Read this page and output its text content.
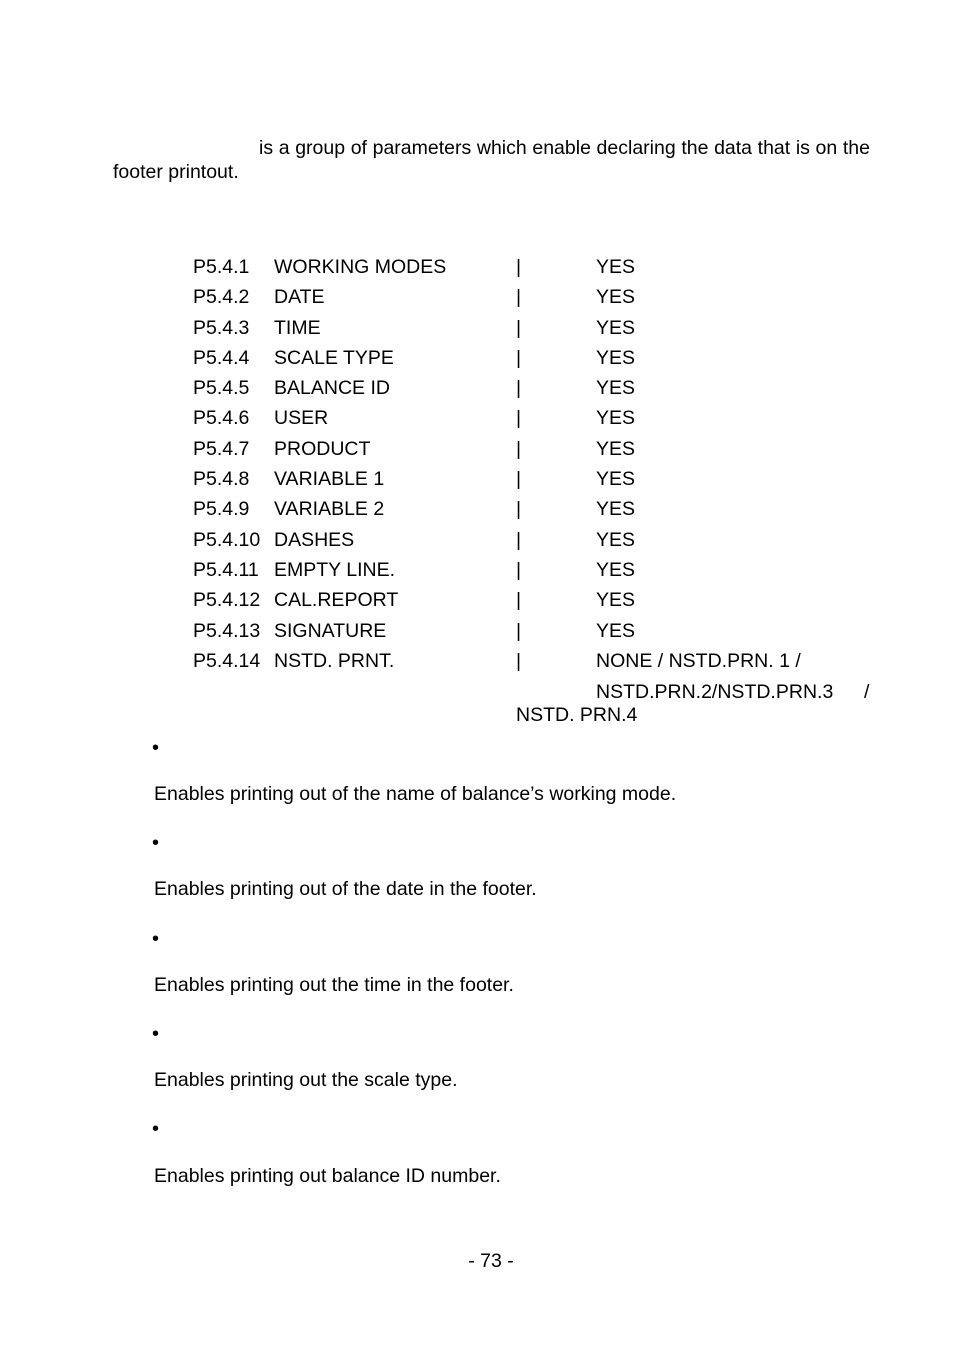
is a group of parameters which enable declaring the data that is on the footer printout.

P5.4.1 WORKING MODES	|	YES
P5.4.2 DATE	|	YES
P5.4.3 TIME	|	YES
P5.4.4 SCALE TYPE	|	YES
P5.4.5 BALANCE ID	|	YES
P5.4.6 USER	|	YES
P5.4.7 PRODUCT	|	YES
P5.4.8 VARIABLE 1	|	YES
P5.4.9 VARIABLE 2	|	YES
P5.4.10 DASHES	|	YES
P5.4.11 EMPTY LINE.	|	YES
P5.4.12 CAL.REPORT	|	YES
P5.4.13 SIGNATURE	|	YES
P5.4.14 NSTD. PRNT.	|	NONE / NSTD.PRN. 1 /
NSTD.PRN.2/NSTD.PRN.3 /
NSTD. PRN.4
•
Enables printing out of the name of balance’s working mode.
•
Enables printing out of the date in the footer.
•
Enables printing out the time in the footer.
•
Enables printing out the scale type.
•
Enables printing out balance ID number.
- 73 -
